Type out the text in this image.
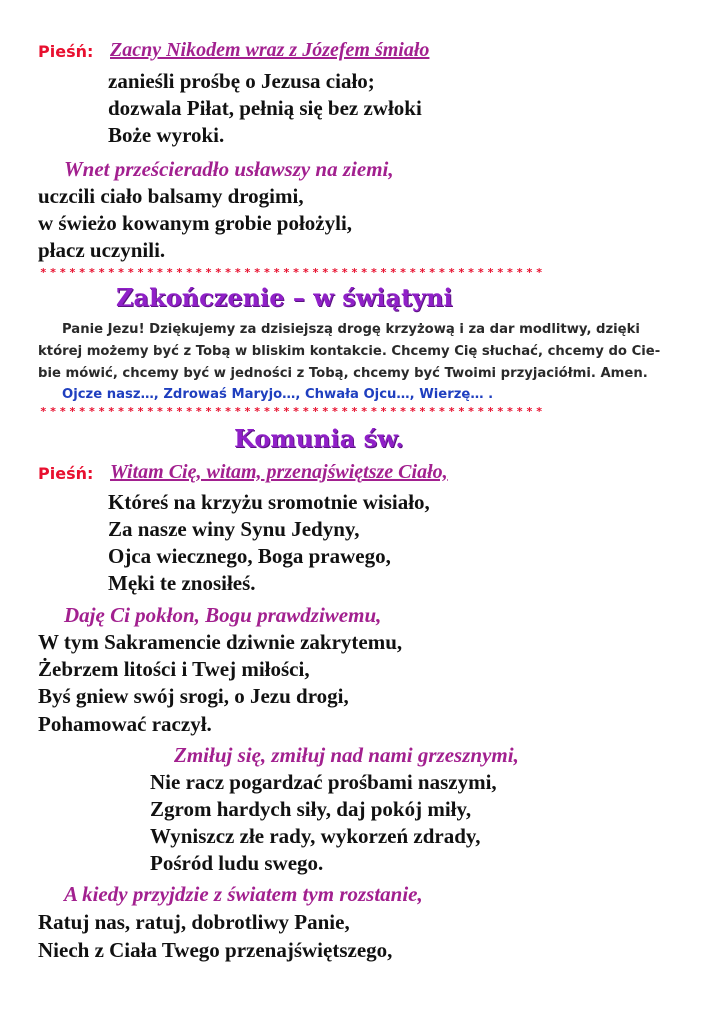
Pieśń: Zacny Nikodem wraz z Józefem śmiało
zanieśli prośbę o Jezusa ciało;
dozwala Piłat, pełnią się bez zwłoki
Boże wyroki.
Wnet prześcieradło usławszy na ziemi,
uczcili ciało balsamy drogimi,
w świeżo kowanym grobie położyli,
płacz uczynili.
****************************************************
Zakończenie – w świątyni
Panie Jezu! Dziękujemy za dzisiejszą drogę krzyżową i za dar modlitwy, dzięki
której możemy być z Tobą w bliskim kontakcie. Chcemy Cię słuchać, chcemy do Cie-
bie mówić, chcemy być w jedności z Tobą, chcemy być Twoimi przyjaciółmi. Amen.
Ojcze nasz…, Zdrowaś Maryjo…, Chwała Ojcu…, Wierzę… .
****************************************************
Komunia św.
Pieśń: Witam Cię, witam, przenajświętsze Ciało,
Któreś na krzyżu sromotnie wisiało,
Za nasze winy Synu Jedyny,
Ojca wiecznego, Boga prawego,
Męki te znosiłeś.
Daję Ci pokłon, Bogu prawdziwemu,
W tym Sakramencie dziwnie zakrytemu,
Żebrzem litości i Twej miłości,
Byś gniew swój srogi, o Jezu drogi,
Pohamować raczył.
Zmiłuj się, zmiłuj nad nami grzesznymi,
Nie racz pogardzać prośbami naszymi,
Zgrom hardych siły, daj pokój miły,
Wyniszcz złe rady, wykorzeń zdrady,
Pośród ludu swego.
A kiedy przyjdzie z światem tym rozstanie,
Ratuj nas, ratuj, dobrotliwy Panie,
Niech z Ciała Twego przenajświętszego,
